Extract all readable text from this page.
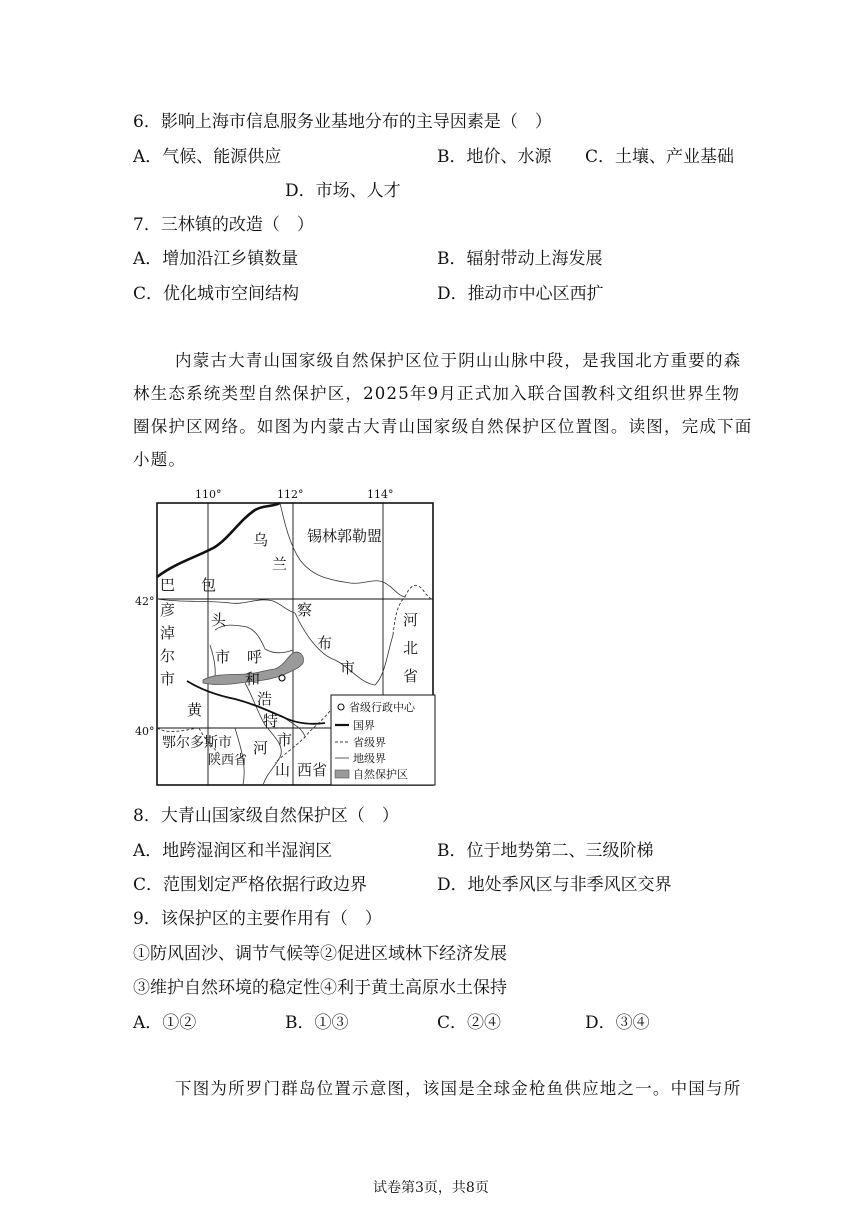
6．影响上海市信息服务业基地分布的主导因素是（　）
A．气候、能源供应	B．地价、水源 C．土壤、产业基础
D．市场、人才
7．三林镇的改造（　）
A．增加沿江乡镇数量	B．辐射带动上海发展
C．优化城市空间结构	D．推动市中心区西扩
内蒙古大青山国家级自然保护区位于阴山山脉中段，是我国北方重要的森
林生态系统类型自然保护区，2025年9月正式加入联合国教科文组织世界生物
圈保护区网络。如图为内蒙古大青山国家级自然保护区位置图。读图，完成下面
小题。
110°	112°	114°
42°
40°
锡林郭勒盟
乌
兰
察
布
市
巴
彦
淖
尔
市
包
头
市 呼
和
浩
特
市
河
北
省
黄
鄂尔多斯市
陕西省
河
山 西省
省级行政中心
国界
省级界
地级界
自然保护区
8．大青山国家级自然保护区（　）
A．地跨湿润区和半湿润区	B．位于地势第二、三级阶梯
C．范围划定严格依据行政边界	D．地处季风区与非季风区交界
9．该保护区的主要作用有（　）
①防风固沙、调节气候等②促进区域林下经济发展
③维护自然环境的稳定性④利于黄土高原水土保持
A．①②	B．①③	C．②④	D．③④
下图为所罗门群岛位置示意图，该国是全球金枪鱼供应地之一。中国与所
试卷第3页，共8页
